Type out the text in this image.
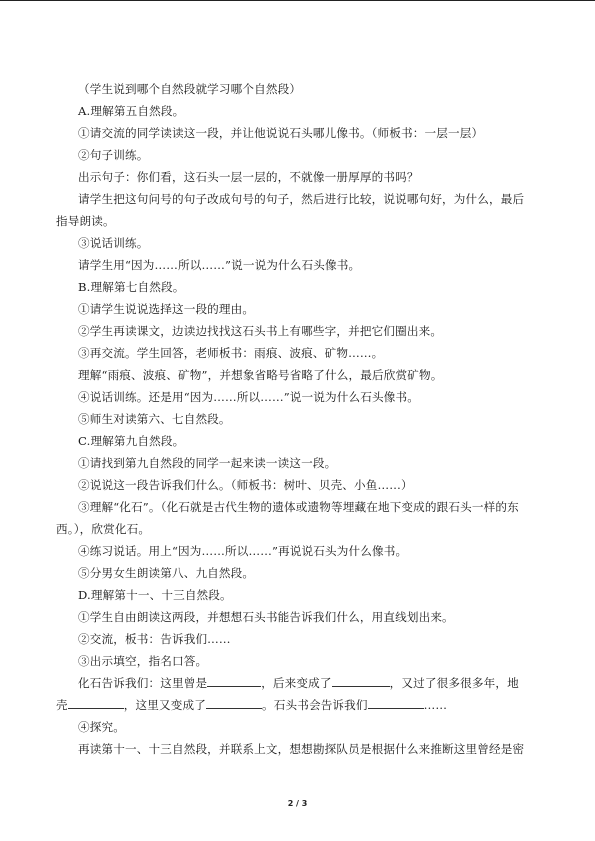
（学生说到哪个自然段就学习哪个自然段）
A.理解第五自然段。
①请交流的同学读读这一段，并让他说说石头哪儿像书。（师板书：一层一层）
②句子训练。
出示句子：你们看，这石头一层一层的，不就像一册厚厚的书吗？
请学生把这句问号的句子改成句号的句子，然后进行比较，说说哪句好，为什么，最后
指导朗读。
③说话训练。
请学生用“因为……所以……”说一说为什么石头像书。
B.理解第七自然段。
①请学生说说选择这一段的理由。
②学生再读课文，边读边找找这石头书上有哪些字，并把它们圈出来。
③再交流。学生回答，老师板书：雨痕、波痕、矿物……。
理解“雨痕、波痕、矿物”，并想象省略号省略了什么，最后欣赏矿物。
④说话训练。还是用“因为……所以……”说一说为什么石头像书。
⑤师生对读第六、七自然段。
C.理解第九自然段。
①请找到第九自然段的同学一起来读一读这一段。
②说说这一段告诉我们什么。（师板书：树叶、贝壳、小鱼……）
③理解“化石”。（化石就是古代生物的遗体或遗物等埋藏在地下变成的跟石头一样的东
西。），欣赏化石。
④练习说话。用上“因为……所以……”再说说石头为什么像书。
⑤分男女生朗读第八、九自然段。
D.理解第十一、十三自然段。
①学生自由朗读这两段，并想想石头书能告诉我们什么，用直线划出来。
②交流，板书：告诉我们……
③出示填空，指名口答。
化石告诉我们：这里曾是	，后来变成了	，又过了很多很多年，地
壳	，这里又变成了	。石头书会告诉我们	……
④探究。
再读第十一、十三自然段，并联系上文，想想勘探队员是根据什么来推断这里曾经是密
2 / 3
